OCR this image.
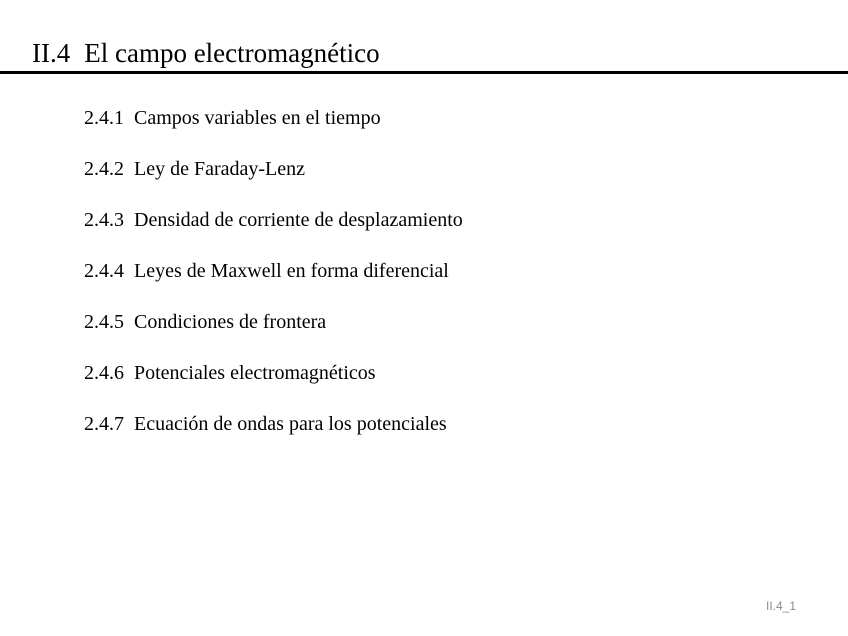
II.4 El campo electromagnético
2.4.1 Campos variables en el tiempo
2.4.2 Ley de Faraday-Lenz
2.4.3 Densidad de corriente de desplazamiento
2.4.4 Leyes de Maxwell en forma diferencial
2.4.5 Condiciones de frontera
2.4.6 Potenciales electromagnéticos
2.4.7 Ecuación de ondas para los potenciales
II.4_1
